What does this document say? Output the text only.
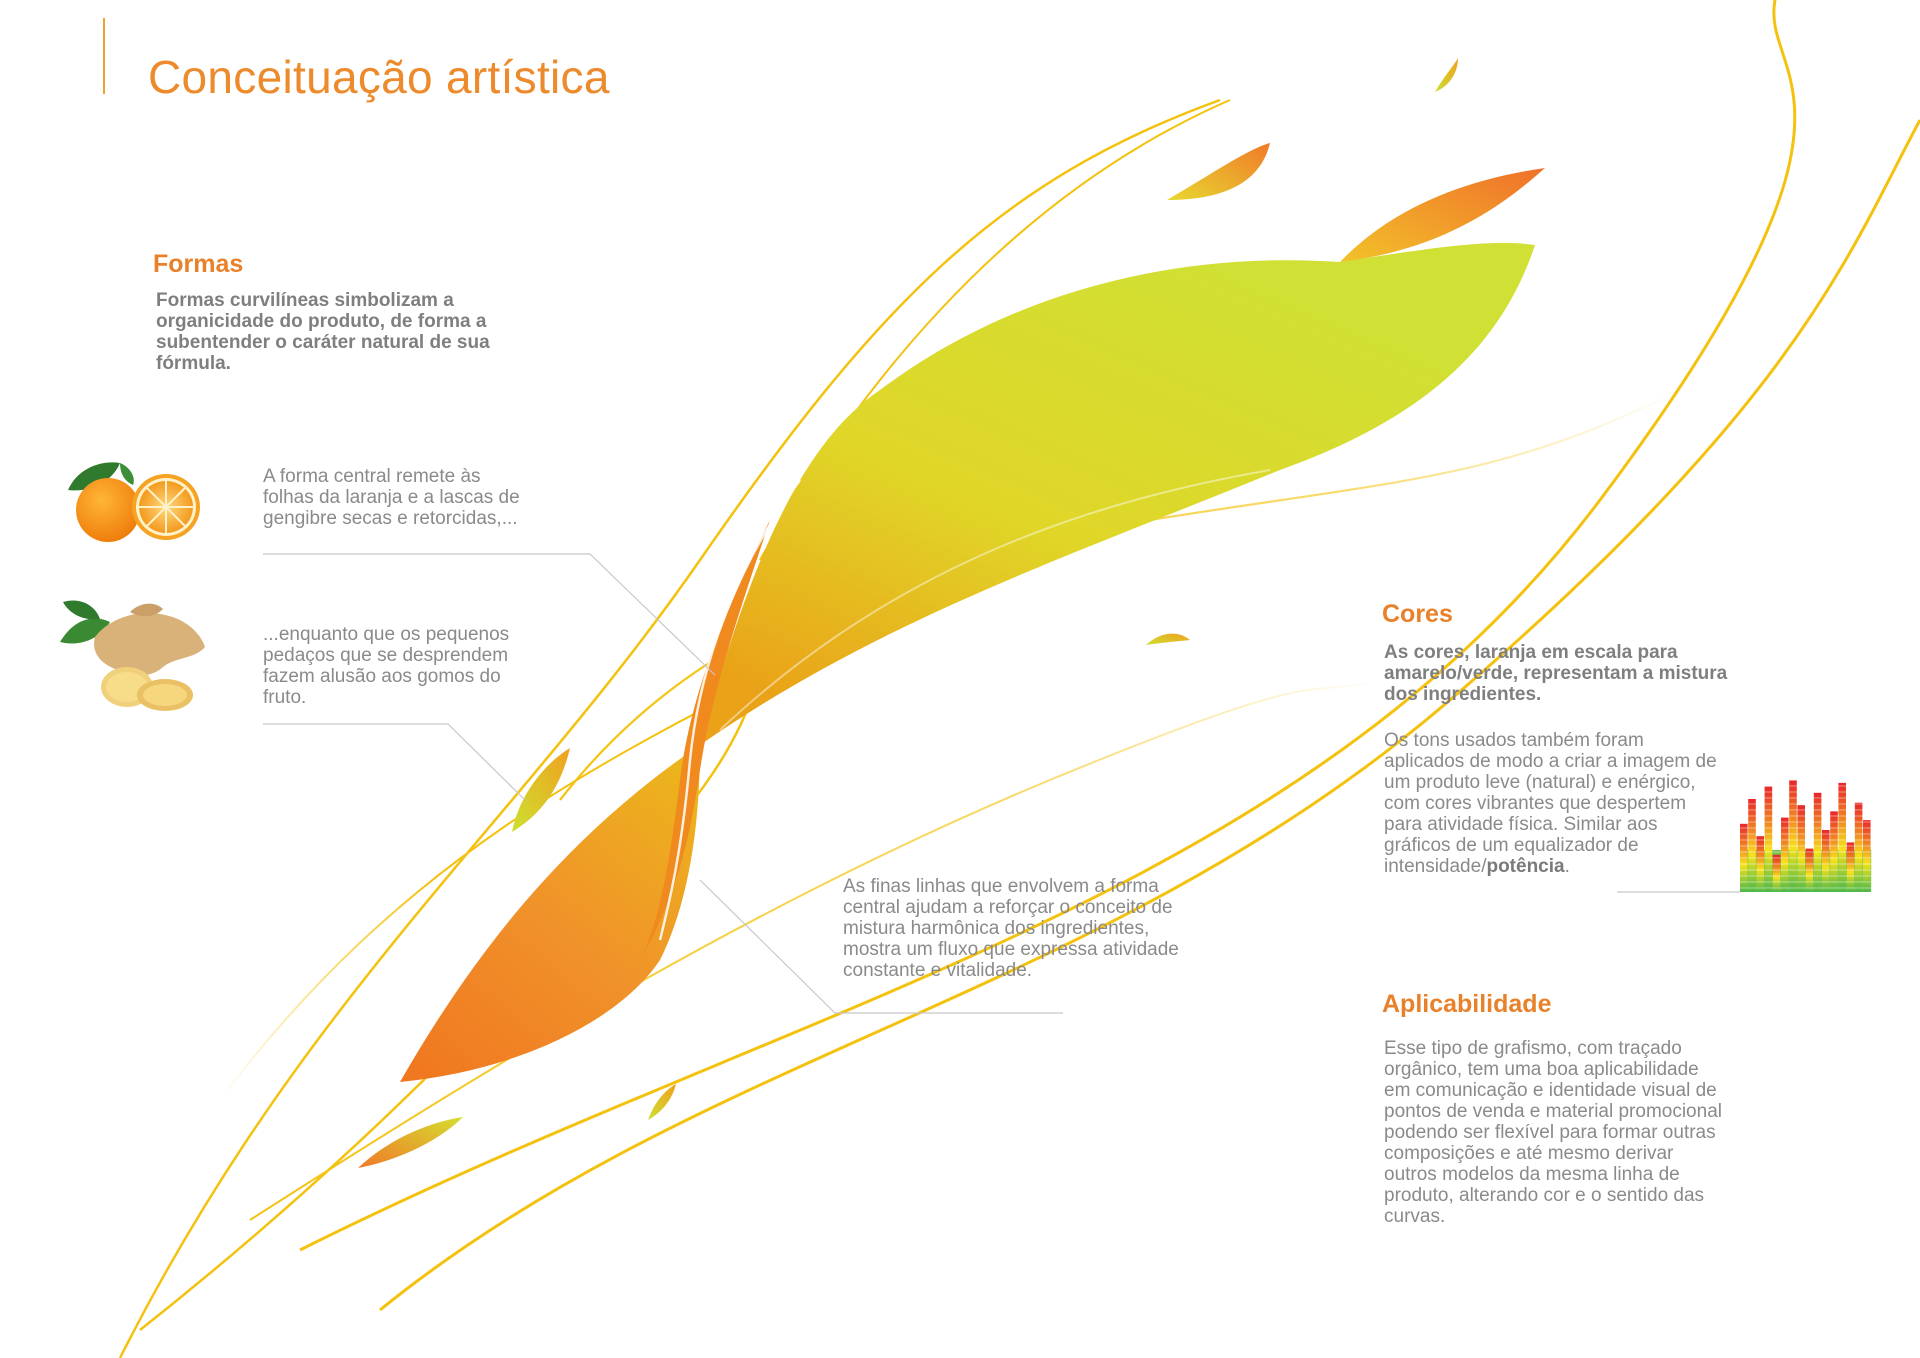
Conceituação artística
Formas

Formas curvilíneas simbolizam a organicidade do produto, de forma a subentender o caráter natural de sua fórmula.

A forma central remete às folhas da laranja e a lascas de gengibre secas e retorcidas,...

...enquanto que os pequenos pedaços que se desprendem fazem alusão aos gomos do fruto.

As finas linhas que envolvem a forma central ajudam a reforçar o conceito de mistura harmônica dos ingredientes, mostra um fluxo que expressa atividade constante e vitalidade.

Cores

As cores, laranja em escala para amarelo/verde, representam a mistura dos ingredientes.

Os tons usados também foram aplicados de modo a criar a imagem de um produto leve (natural) e enérgico, com cores vibrantes que despertem para atividade física. Similar aos gráficos de um equalizador de intensidade/potência.

Aplicabilidade

Esse tipo de grafismo, com traçado orgânico, tem uma boa aplicabilidade em comunicação e identidade visual de pontos de venda e material promocional podendo ser flexível para formar outras composições e até mesmo derivar outros modelos da mesma linha de produto, alterando cor e o sentido das curvas.
